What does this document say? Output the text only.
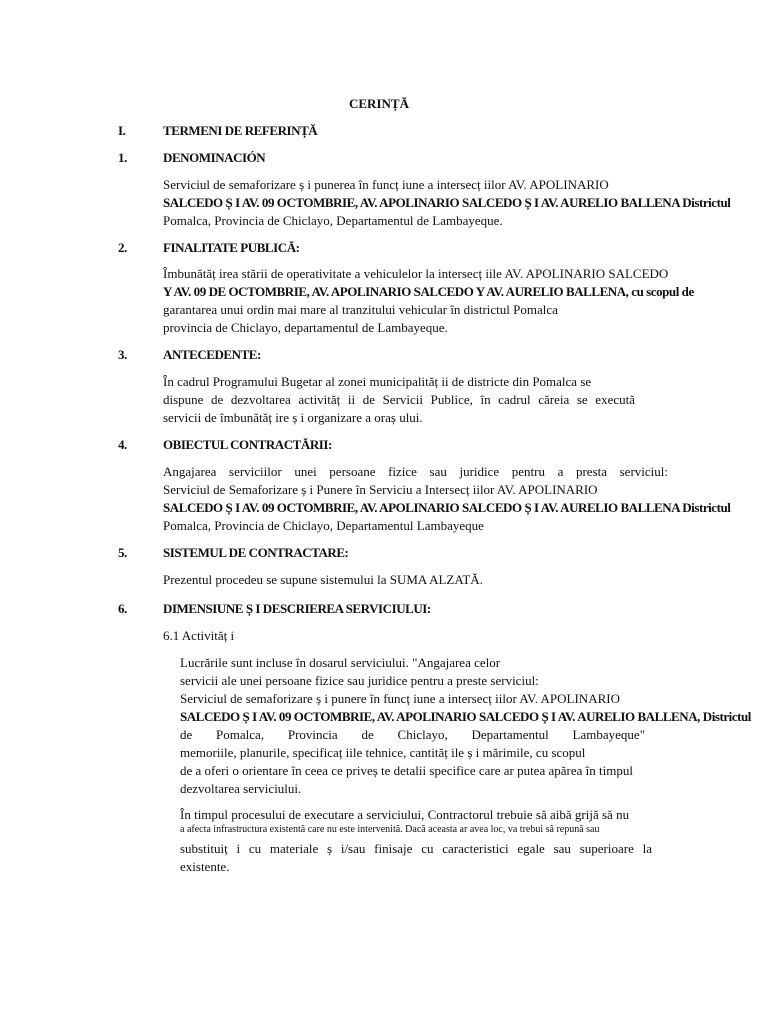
CERINȚĂ
I.	TERMENI DE REFERINȚĂ
1.	DENOMINACIÓN
Serviciul de semaforizare ș i punerea în funcț iune a intersecț iilor AV. APOLINARIO
SALCEDO Ș I AV. 09 OCTOMBRIE, AV. APOLINARIO SALCEDO Ș I AV. AURELIO BALLENA Districtul
Pomalca, Provincia de Chiclayo, Departamentul de Lambayeque.
2.	FINALITATE PUBLICĂ:
Îmbunătăț irea stării de operativitate a vehiculelor la intersecț iile AV. APOLINARIO SALCEDO
Y AV. 09 DE OCTOMBRIE, AV. APOLINARIO SALCEDO Y AV. AURELIO BALLENA, cu scopul de
garantarea unui ordin mai mare al tranzitului vehicular în districtul Pomalca
provincia de Chiclayo, departamentul de Lambayeque.
3.	ANTECEDENTE:
În cadrul Programului Bugetar al zonei municipalităț ii de districte din Pomalca se
dispune de dezvoltarea activităț ii de Servicii Publice, în cadrul căreia se execută
servicii de îmbunătăț ire ș i organizare a oraș ului.
4.	OBIECTUL CONTRACTĂRII:
Angajarea serviciilor unei persoane fizice sau juridice pentru a presta serviciul:
Serviciul de Semaforizare ș i Punere în Serviciu a Intersecț iilor AV. APOLINARIO
SALCEDO Ș I AV. 09 OCTOMBRIE, AV. APOLINARIO SALCEDO Ș I AV. AURELIO BALLENA Districtul
Pomalca, Provincia de Chiclayo, Departamentul Lambayeque
5.	SISTEMUL DE CONTRACTARE:
Prezentul procedeu se supune sistemului la SUMA ALZATĂ.
6.	DIMENSIUNE Ș I DESCRIEREA SERVICIULUI:
6.1 Activităț i
Lucrările sunt incluse în dosarul serviciului. "Angajarea celor
servicii ale unei persoane fizice sau juridice pentru a preste serviciul:
Serviciul de semaforizare ș i punere în funcț iune a intersecț iilor AV. APOLINARIO
SALCEDO Ș I AV. 09 OCTOMBRIE, AV. APOLINARIO SALCEDO Ș I AV. AURELIO BALLENA, Districtul
de Pomalca, Provincia de Chiclayo, Departamentul Lambayeque"
memoriile, planurile, specificaț iile tehnice, cantităț ile ș i mărimile, cu scopul
de a oferi o orientare în ceea ce priveș te detalii specifice care ar putea apărea în timpul
dezvoltarea serviciului.
În timpul procesului de executare a serviciului, Contractorul trebuie să aibă grijă să nu
a afecta infrastructura existentă care nu este intervenită. Dacă aceasta ar avea loc, va trebui să repună sau
substituiț i cu materiale ș i/sau finisaje cu caracteristici egale sau superioare la
existente.
